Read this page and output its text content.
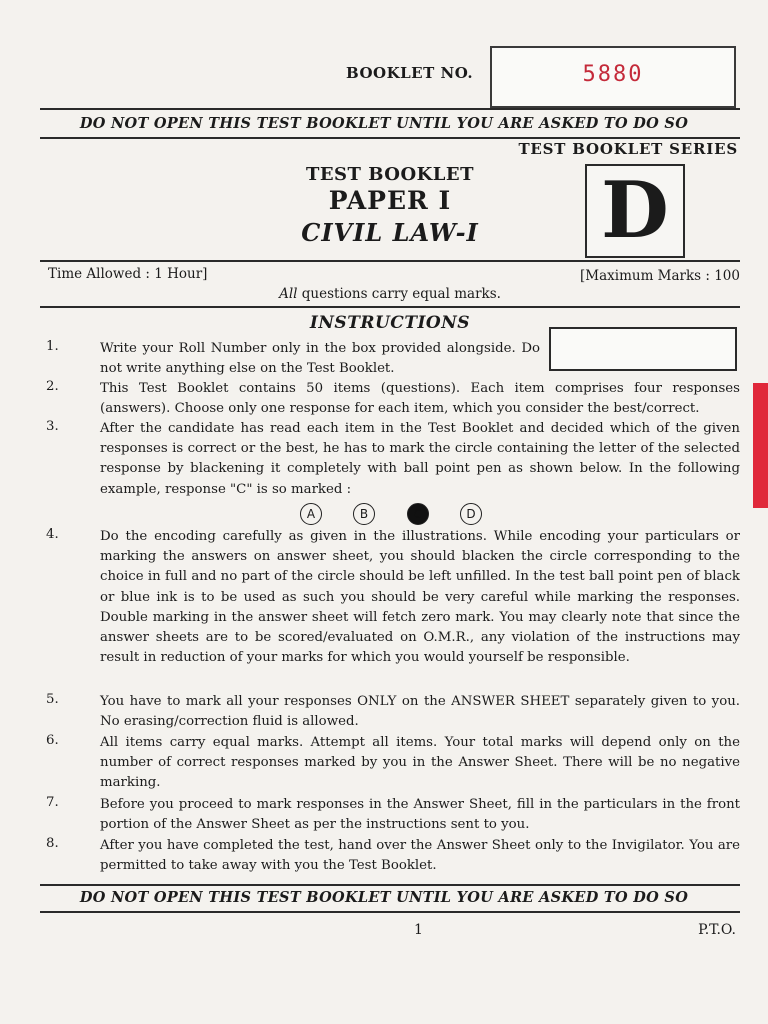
BOOKLET NO.	5880
DO NOT OPEN THIS TEST BOOKLET UNTIL YOU ARE ASKED TO DO SO
TEST BOOKLET SERIES
TEST BOOKLET
PAPER I
CIVIL LAW-I	D
Time Allowed : 1 Hour]	[Maximum Marks : 100
All questions carry equal marks.
INSTRUCTIONS
1.	Write your Roll Number only in the box provided alongside. Do not write anything else on the Test Booklet.

2.	This Test Booklet contains 50 items (questions). Each item comprises four responses (answers). Choose only one response for each item, which you consider the best/correct.

3.	After the candidate has read each item in the Test Booklet and decided which of the given responses is correct or the best, he has to mark the circle containing the letter of the selected response by blackening it completely with ball point pen as shown below. In the following example, response "C" is so marked :

A	B	C	D
4.	Do the encoding carefully as given in the illustrations. While encoding your particulars or marking the answers on answer sheet, you should blacken the circle corresponding to the choice in full and no part of the circle should be left unfilled. In the test ball point pen of black or blue ink is to be used as such you should be very careful while marking the responses. Double marking in the answer sheet will fetch zero mark. You may clearly note that since the answer sheets are to be scored/evaluated on O.M.R., any violation of the instructions may result in reduction of your marks for which you would yourself be responsible.

5.	You have to mark all your responses ONLY on the ANSWER SHEET separately given to you. No erasing/correction fluid is allowed.

6.	All items carry equal marks. Attempt all items. Your total marks will depend only on the number of correct responses marked by you in the Answer Sheet. There will be no negative marking.

7.	Before you proceed to mark responses in the Answer Sheet, fill in the particulars in the front portion of the Answer Sheet as per the instructions sent to you.

8.	After you have completed the test, hand over the Answer Sheet only to the Invigilator. You are permitted to take away with you the Test Booklet.

DO NOT OPEN THIS TEST BOOKLET UNTIL YOU ARE ASKED TO DO SO
1	P.T.O.
